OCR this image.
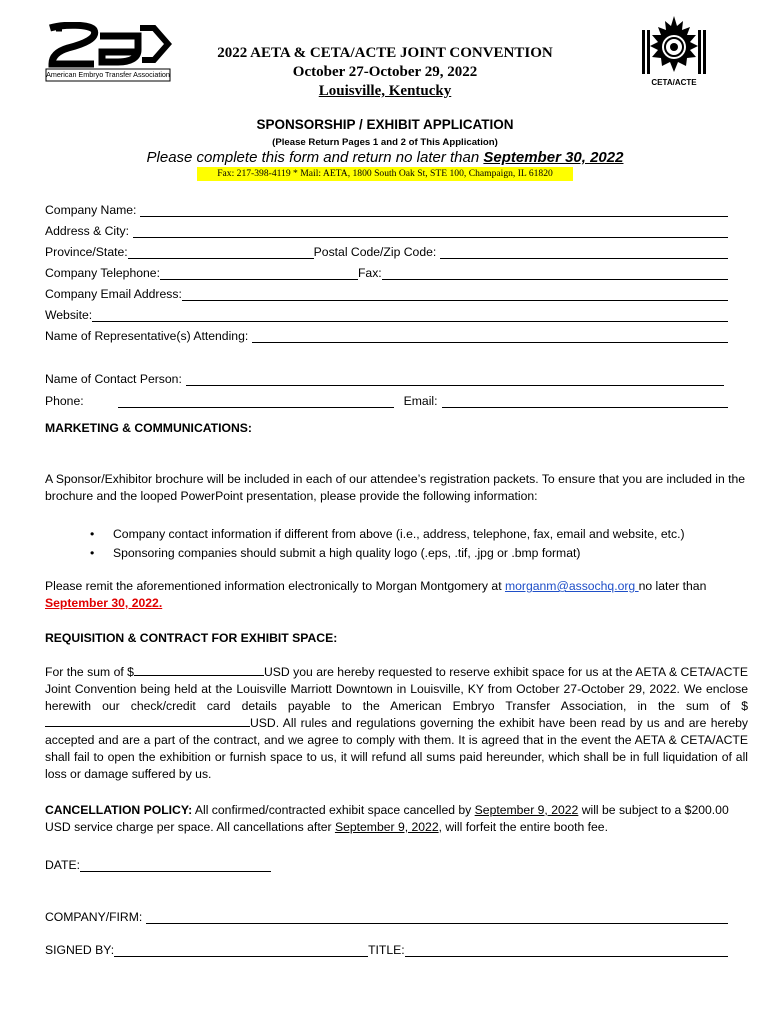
American Embryo Transfer Association
CETA/ACTE
2022 AETA & CETA/ACTE JOINT CONVENTION
October 27-October 29, 2022
Louisville, Kentucky
SPONSORSHIP / EXHIBIT APPLICATION
(Please Return Pages 1 and 2 of This Application)
Please complete this form and return no later than September 30, 2022
Fax: 217-398-4119 * Mail: AETA, 1800 South Oak St, STE 100, Champaign, IL 61820
Company Name:
Address & City:
Province/State:	Postal Code/Zip Code:
Company Telephone:	Fax:
Company Email Address:
Website:
Name of Representative(s) Attending:
Name of Contact Person:
Phone:	Email:
MARKETING & COMMUNICATIONS:
A Sponsor/Exhibitor brochure will be included in each of our attendee’s registration packets. To ensure that you are included in the brochure and the looped PowerPoint presentation, please provide the following information:
• Company contact information if different from above (i.e., address, telephone, fax, email and website, etc.)
• Sponsoring companies should submit a high quality logo (.eps, .tif, .jpg or .bmp format)
Please remit the aforementioned information electronically to Morgan Montgomery at morganm@assochq.org no later than
September 30, 2022.
REQUISITION & CONTRACT FOR EXHIBIT SPACE:
For the sum of $	USD you are hereby requested to reserve exhibit space for us at the AETA & CETA/ACTE Joint Convention being held at the Louisville Marriott Downtown in Louisville, KY from October 27-October 29, 2022. We enclose herewith our check/credit card details payable to the American Embryo Transfer Association, in the sum of $USD. All rules and regulations governing the exhibit have been read by us and are hereby accepted and are a part of the contract, and we agree to comply with them. It is agreed that in the event the AETA & CETA/ACTE shall fail to open the exhibition or furnish space to us, it will refund all sums paid hereunder, which shall be in full liquidation of all loss or damage suffered by us.
CANCELLATION POLICY: All confirmed/contracted exhibit space cancelled by September 9, 2022 will be subject to a $200.00 USD service charge per space. All cancellations after September 9, 2022, will forfeit the entire booth fee.
DATE:
COMPANY/FIRM:
SIGNED BY:	TITLE:
